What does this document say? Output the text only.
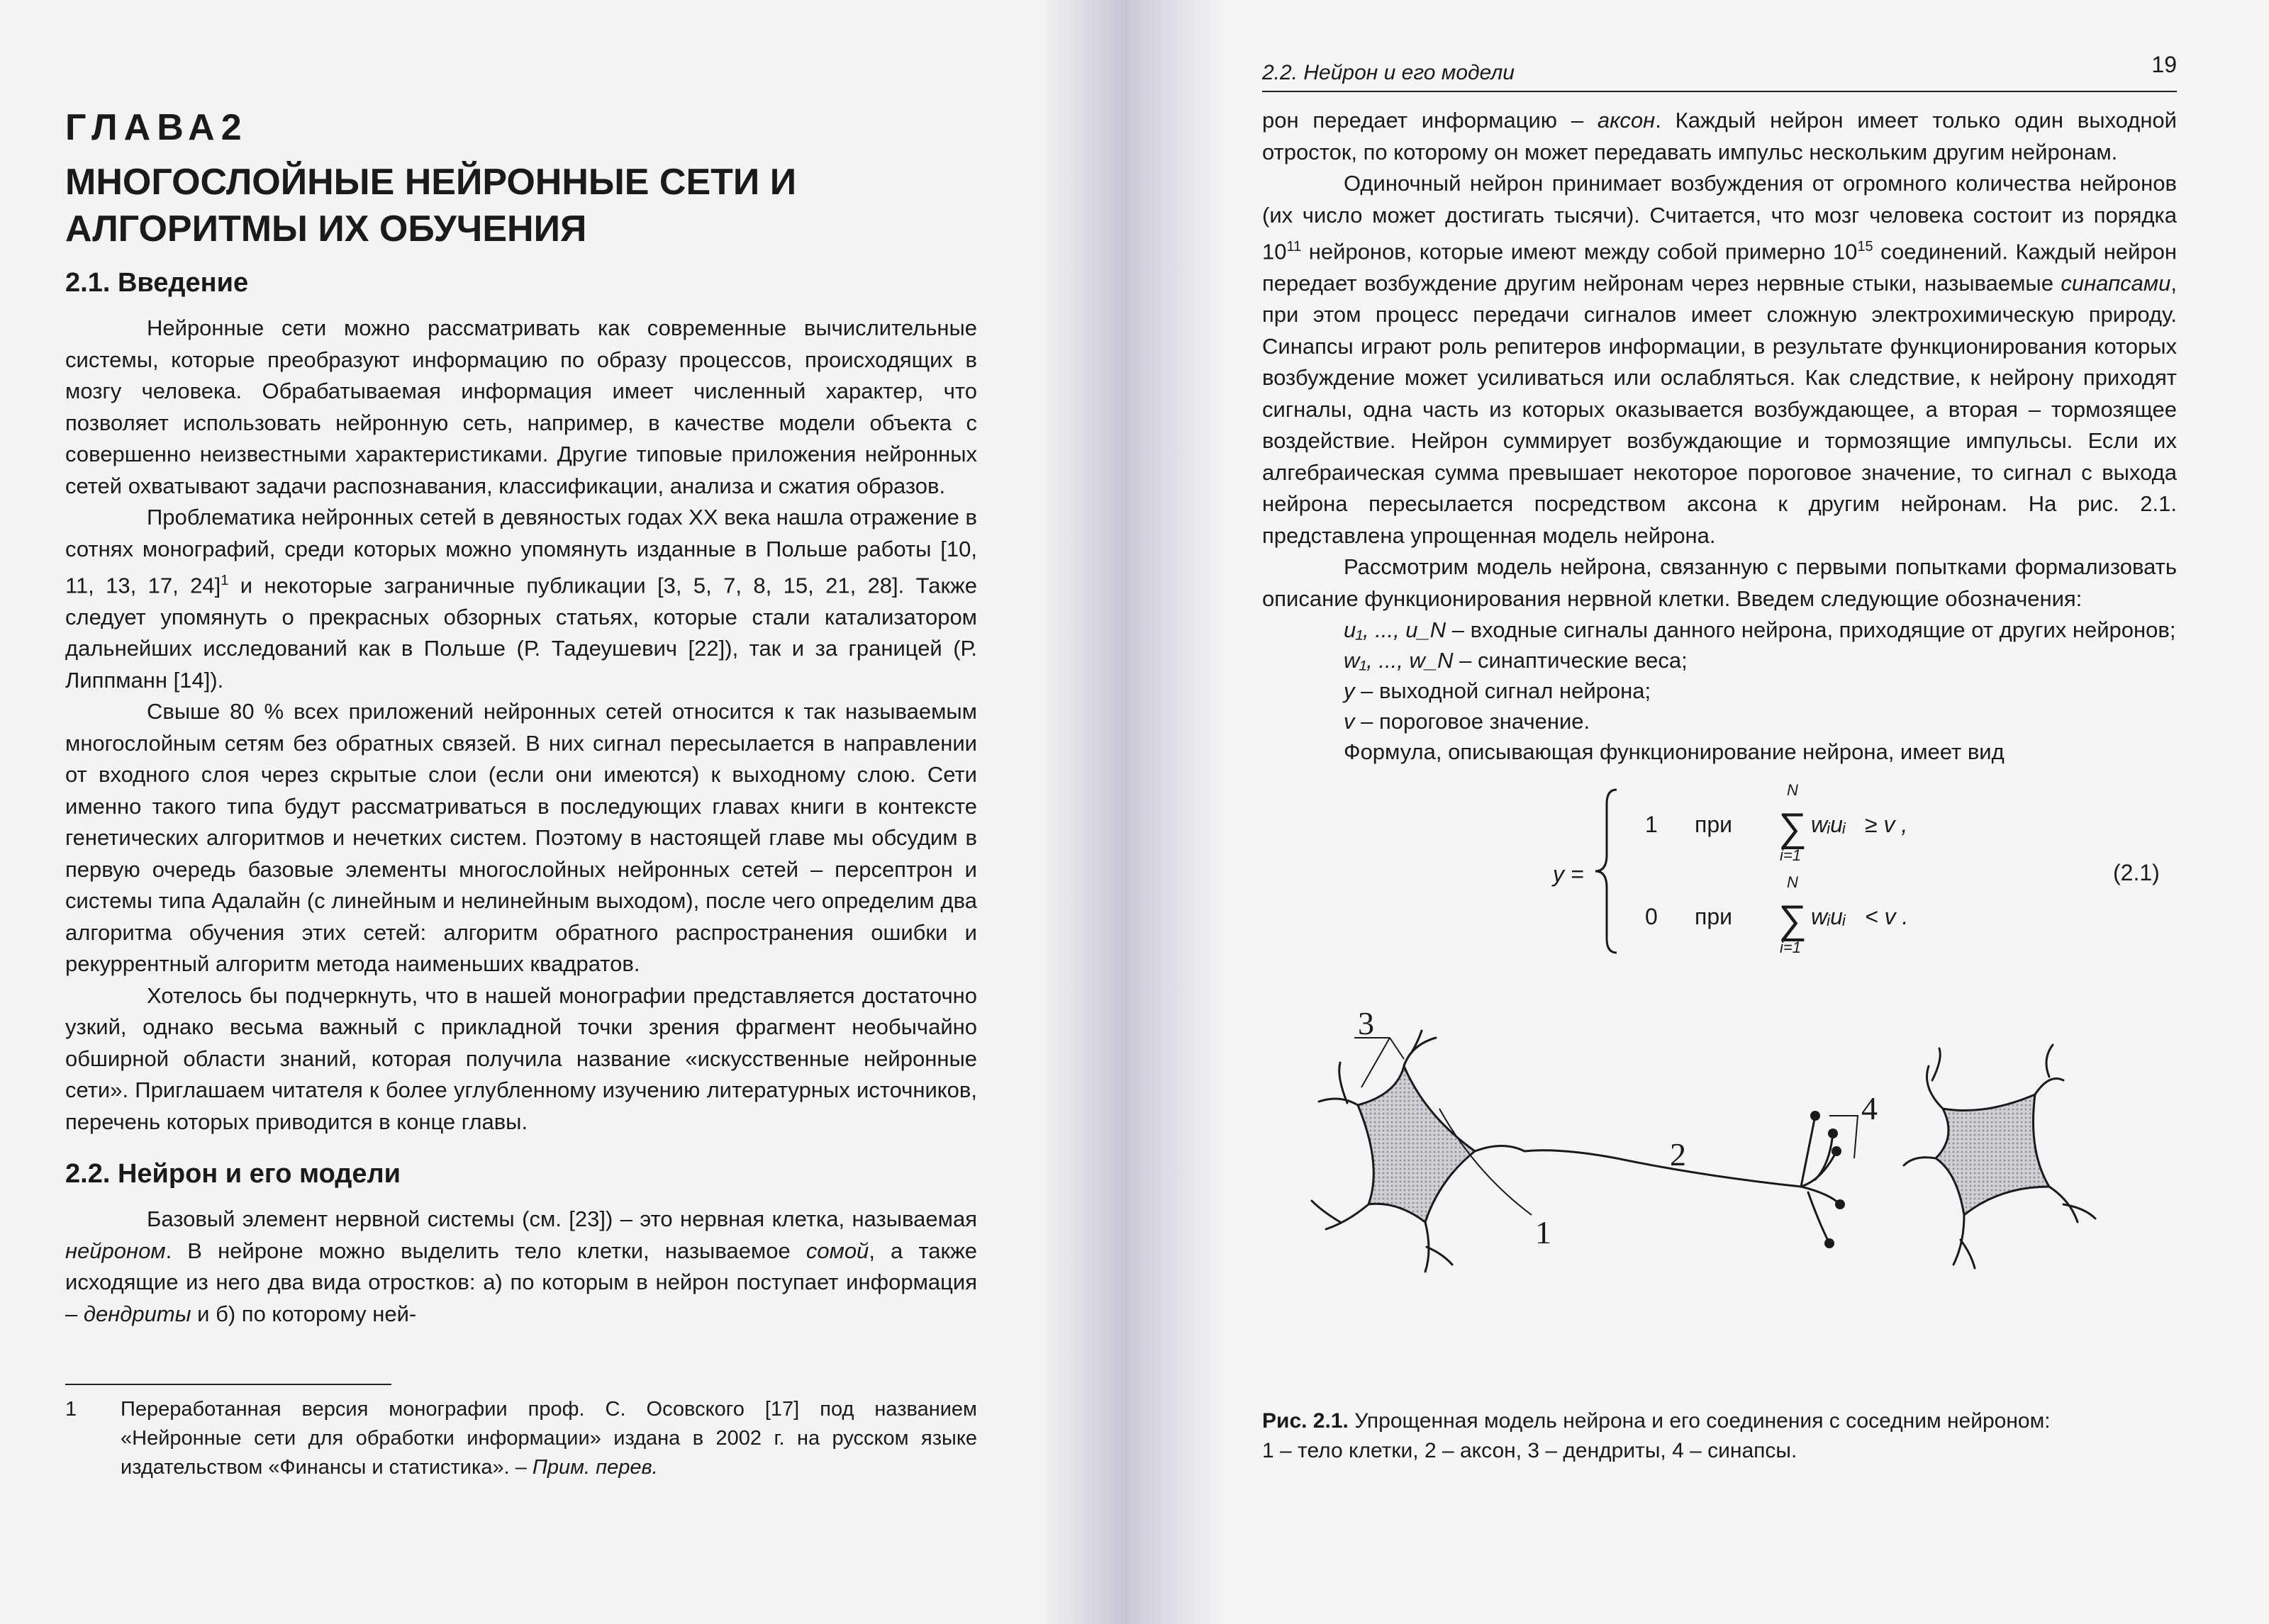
ГЛАВА2
МНОГОСЛОЙНЫЕ НЕЙРОННЫЕ СЕТИ И
АЛГОРИТМЫ ИХ ОБУЧЕНИЯ
2.1. Введение

Нейронные сети можно рассматривать как современные вычислительные системы, которые преобразуют информацию по образу процессов, происходящих в мозгу человека. Обрабатываемая информация имеет численный характер, что позволяет использовать нейронную сеть, например, в качестве модели объекта с совершенно неизвестными характеристиками. Другие типовые приложения нейронных сетей охватывают задачи распознавания, классификации, анализа и сжатия образов.

Проблематика нейронных сетей в девяностых годах XX века нашла отражение в сотнях монографий, среди которых можно упомянуть изданные в Польше работы [10, 11, 13, 17, 24]$^1$ и некоторые заграничные публикации [3, 5, 7, 8, 15, 21, 28]. Также следует упомянуть о прекрасных обзорных статьях, которые стали катализатором дальнейших исследований как в Польше (Р. Тадеушевич [22]), так и за границей (Р. Липпманн [14]).

Свыше 80 % всех приложений нейронных сетей относится к так называемым многослойным сетям без обратных связей. В них сигнал пересылается в направлении от входного слоя через скрытые слои (если они имеются) к выходному слою. Сети именно такого типа будут рассматриваться в последующих главах книги в контексте генетических алгоритмов и нечетких систем. Поэтому в настоящей главе мы обсудим в первую очередь базовые элементы многослойных нейронных сетей – персептрон и системы типа Адалайн (с линейным и нелинейным выходом), после чего определим два алгоритма обучения этих сетей: алгоритм обратного распространения ошибки и рекуррентный алгоритм метода наименьших квадратов.

Хотелось бы подчеркнуть, что в нашей монографии представляется достаточно узкий, однако весьма важный с прикладной точки зрения фрагмент необычайно обширной области знаний, которая получила название «искусственные нейронные сети». Приглашаем читателя к более углубленному изучению литературных источников, перечень которых приводится в конце главы.

2.2. Нейрон и его модели

Базовый элемент нервной системы (см. [23]) – это нервная клетка, называемая нейроном. В нейроне можно выделить тело клетки, называемое сомой, а также исходящие из него два вида отростков: а) по которым в нейрон поступает информация – дендриты и б) по которому ней-

1	Переработанная версия монографии проф. С. Осовского [17] под названием «Нейронные сети для обработки информации» издана в 2002 г. на русском языке издательством «Финансы и статистика». – Прим. перев.
2.2. Нейрон и его модели	19

рон передает информацию – аксон. Каждый нейрон имеет только один выходной отросток, по которому он может передавать импульс нескольким другим нейронам.

Одиночный нейрон принимает возбуждения от огромного количества нейронов (их число может достигать тысячи). Считается, что мозг человека состоит из порядка $10^{11}$ нейронов, которые имеют между собой примерно $10^{15}$ соединений. Каждый нейрон передает возбуждение другим нейронам через нервные стыки, называемые синапсами, при этом процесс передачи сигналов имеет сложную электрохимическую природу. Синапсы играют роль репитеров информации, в результате функционирования которых возбуждение может усиливаться или ослабляться. Как следствие, к нейрону приходят сигналы, одна часть из которых оказывается возбуждающее, а вторая – тормозящее воздействие. Нейрон суммирует возбуждающие и тормозящие импульсы. Если их алгебраическая сумма превышает некоторое пороговое значение, то сигнал с выхода нейрона пересылается посредством аксона к другим нейронам. На рис. 2.1. представлена упрощенная модель нейрона.

Рассмотрим модель нейрона, связанную с первыми попытками формализовать описание функционирования нервной клетки. Введем следующие обозначения:

u₁, ..., u_N – входные сигналы данного нейрона, приходящие от других нейронов;
w₁, ..., w_N – синаптические веса;
y – выходной сигнал нейрона;
v – пороговое значение.

Формула, описывающая функционирование нейрона, имеет вид

y =
1 при
N
∑
i=1
wᵢuᵢ ≥ v ,
0 при
N
∑
i=1
wᵢuᵢ < v .
(2.1)
1
2
3
4
Рис. 2.1. Упрощенная модель нейрона и его соединения с соседним нейроном:
1 – тело клетки, 2 – аксон, 3 – дендриты, 4 – синапсы.
